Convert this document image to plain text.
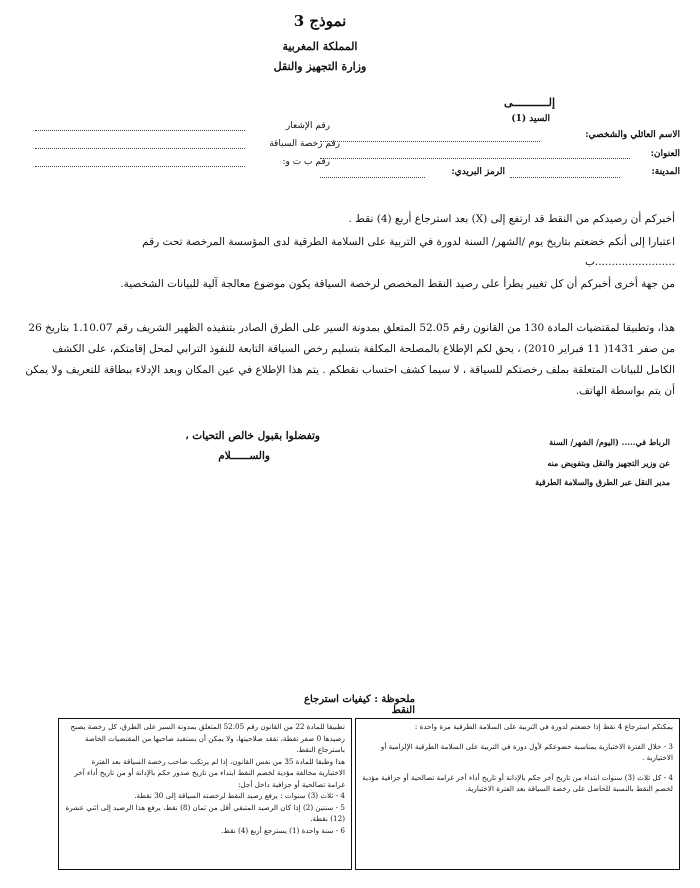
نموذج 3
المملكة المغربية
وزارة التجهيز والنقل
إلـــــــــــى
السيد (1)
الاسم العائلي والشخصي:
العنوان:
المدينة:
الرمز البريدي:
رقم الإشعار
رقم رخصة السياقة
رقم ب ت و:
أخبركم أن رصيدكم من النقط قد ارتفع إلى (X) بعد استرجاع أربع (4) نقط .
اعتبارا إلى أنكم خضعتم بتاريخ يوم /الشهر/ السنة لدورة في التربية على السلامة الطرقية لدى المؤسسة المرخصة تحت رقم
........................ب
من جهة أخرى أخبركم أن كل تغيير يطرأ على رصيد النقط المخصص لرخصة السياقة يكون موضوع معالجة آلية للبيانات الشخصية.
هذا، وتطبيقا لمقتضيات المادة 130 من القانون رقم 52.05 المتعلق بمدونة السير على الطرق الصادر بتنفيذه الظهير الشريف رقم 1.10.07 بتاريخ 26 من صفر 1431( 11 فبراير 2010) ، يحق لكم الإطلاع بالمصلحة المكلفة بتسليم رخص السياقة التابعة للنفوذ الترابي لمحل إقامتكم، على الكشف الكامل للبيانات المتعلقة بملف رخصتكم للسياقة ، لا سيما كشف احتساب نقطكم . يتم هذا الإطلاع في عين المكان وبعد الإدلاء ببطاقة للتعريف ولا يمكن أن يتم بواسطة الهاتف.
وتفضلوا بقبول خالص التحيات ،
والســــــلام
الرباط في..... (اليوم/ الشهر/ السنة
عن وزير التجهيز والنقل وبتفويض منه
مدير النقل عبر الطرق والسلامة الطرقية
ملحوظة : كيفيات استرجاع النقط

يمكنكم استرجاع 4 نقط إذا خضعتم لدورة في التربية على السلامة الطرقية مرة واحدة :

3 - خلال الفترة الاختبارية بمناسبة خضوعكم لأول دورة في التربية على السلامة الطرقية الإلزامية أو الاختيارية .

4 - كل ثلاث (3) سنوات ابتداء من تاريخ آخر حكم بالإدانة أو تاريخ أداء آخر غرامة تصالحية أو جزافية مؤدية لخصم النقط بالنسبة للحاصل على رخصة السياقة بعد الفترة الاختبارية.

تطبيقا للمادة 22 من القانون رقم 52.05 المتعلق بمدونة السير على الطرق، كل رخصة يصبح رصيدها 0 صفر نقطة، تفقد صلاحيتها، ولا يمكن أن يستفيد صاحبها من المقتضيات الخاصة باسترجاع النقط.

هذا وطبقا للمادة 35 من نفس القانون، إذا لم يرتكب صاحب رخصة السياقة بعد الفترة الاختبارية مخالفة مؤدية لخصم النقط ابتداء من تاريخ صدور حكم بالإدانة أو من تاريخ أداء آخر غرامة تصالحية أو جزافية داخل أجل:

4 - ثلاث (3) سنوات : يرفع رصيد النقط لرخصته السياقة إلى 30 نقطة.

5 - سنتين (2) إذا كان الرصيد المتبقي أقل من ثمان (8) نقط، يرفع هذا الرصيد إلى اثني عشرة (12) نقطة.

6 - سنة واحدة (1) يسترجع أربع (4) نقط.
